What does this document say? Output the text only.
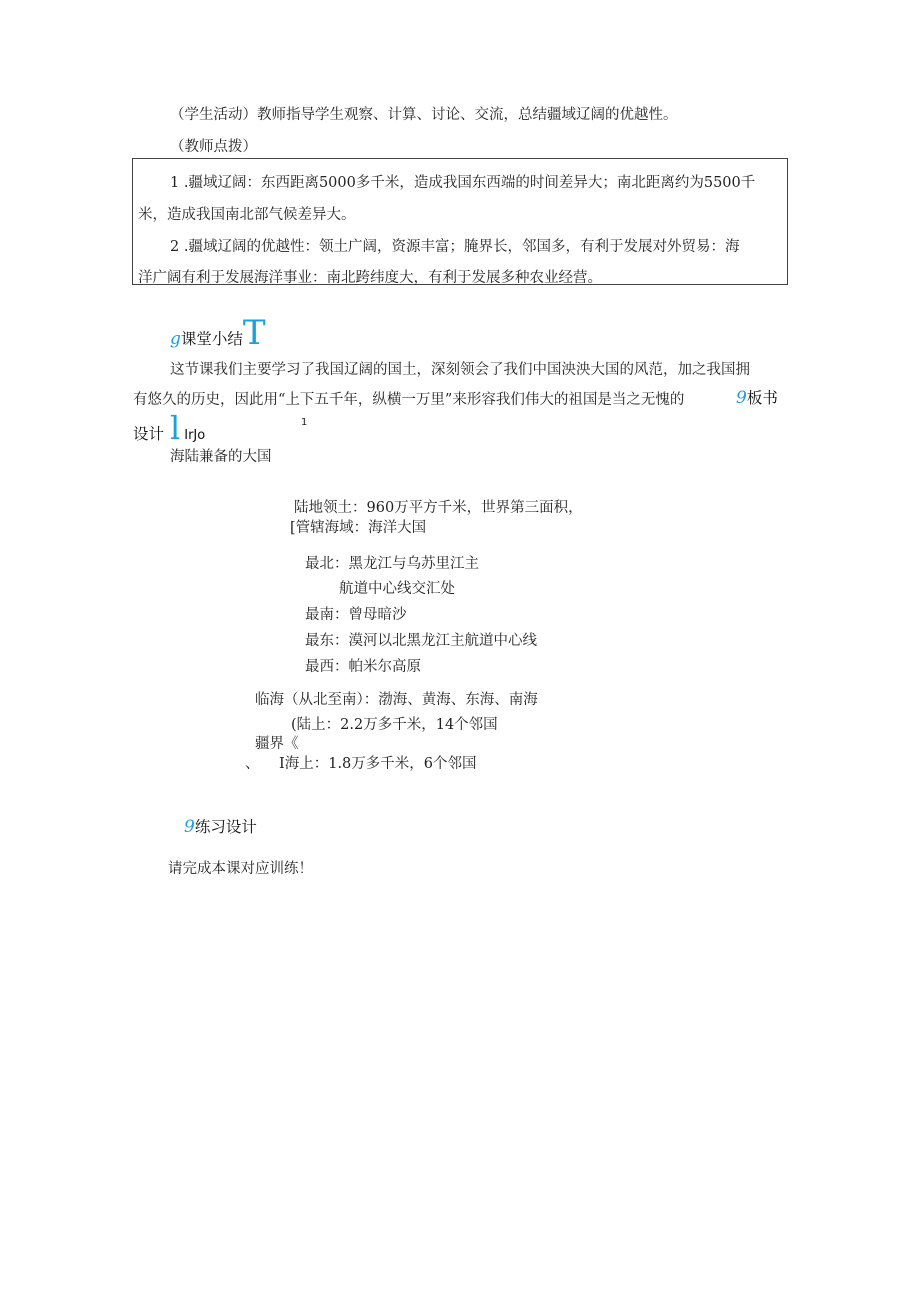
（学生活动）教师指导学生观察、计算、讨论、交流，总结疆域辽阔的优越性。
（教师点拨）
1 .疆域辽阔：东西距离5000多千米，造成我国东西端的时间差异大；南北距离约为5500千
米，造成我国南北部气候差异大。
2 .疆域辽阔的优越性：领土广阔，资源丰富；腌界长，邻国多，有利于发展对外贸易：海
洋广阔有利于发展海洋事业：南北跨纬度大，有利于发展多种农业经营。
g课堂小结T
这节课我们主要学习了我国辽阔的国土，深刻领会了我们中国泱泱大国的风范，加之我国拥
有悠久的历史，因此用“上下五千年，纵横一万里”来形容我们伟大的祖国是当之无愧的	9板书
设计 l IrJo
1
海陆兼备的大国
陆地领土：960万平方千米，世界第三面积，
[管辖海域：海洋大国
最北：黑龙江与乌苏里江主
航道中心线交汇处
最南：曾母暗沙
最东：漠河以北黑龙江主航道中心线
最西：帕米尔高原
临海（从北至南）：渤海、黄海、东海、南海
(陆上：2.2万多千米，14个邻国
疆界《
、 I海上：1.8万多千米，6个邻国
9练习设计
请完成本课对应训练！
